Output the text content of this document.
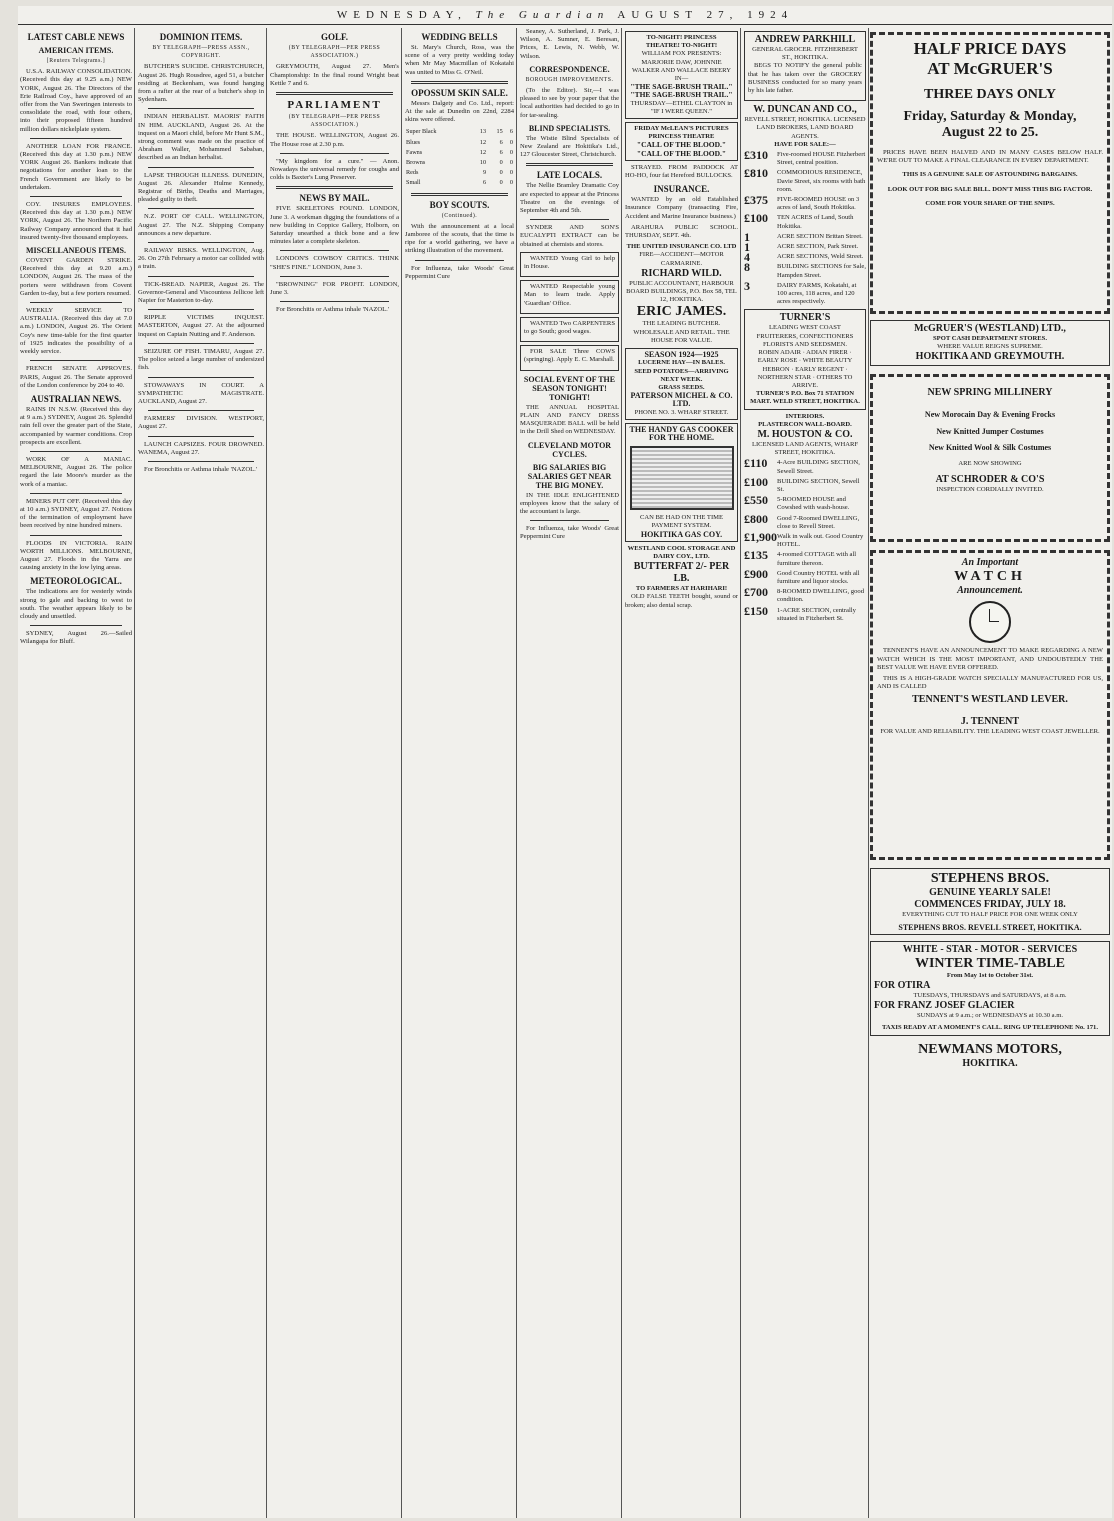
WEDNESDAY, The Guardian AUGUST 27, 1924
LATEST CABLE NEWS
AMERICAN ITEMS.
[Reuters Telegrams.]

U.S.A. RAILWAY CONSOLIDATION. (Received this day at 9.25 a.m.) NEW YORK, August 26. The Directors of the Erie Railroad Coy., have approved of an offer from the Van Sweringen interests to consolidate the road, with four others, into their proposed fifteen hundred million dollars nickelplate system.

ANOTHER LOAN FOR FRANCE. (Received this day at 1.30 p.m.) NEW YORK August 26. Bankers indicate that negotiations for another loan to the French Government are likely to be undertaken.

COY. INSURES EMPLOYEES. (Received this day at 1.30 p.m.) NEW YORK, August 26. The Northern Pacific Railway Company announced that it had insured twenty-five thousand employees.

MISCELLANEOUS ITEMS.

COVENT GARDEN STRIKE. (Received this day at 9.20 a.m.) LONDON, August 26. The mass of the porters were withdrawn from Covent Garden to-day, but a few porters resumed.

WEEKLY SERVICE TO AUSTRALIA. (Received this day at 7.0 a.m.) LONDON, August 26. The Orient Coy's new time-table for the first quarter of 1925 indicates the possibility of a weekly service.

FRENCH SENATE APPROVES. PARIS, August 26. The Senate approved of the London conference by 204 to 40.

AUSTRALIAN NEWS.

RAINS IN N.S.W. (Received this day at 9 a.m.) SYDNEY, August 26. Splendid rain fell over the greater part of the State, accompanied by warmer conditions. Crop prospects are excellent.

WORK OF A MANIAC. MELBOURNE, August 26. The police regard the late Moore's murder as the work of a maniac.

MINERS PUT OFF. (Received this day at 10 a.m.) SYDNEY, August 27. Notices of the termination of employment have been received by nine hundred miners.

FLOODS IN VICTORIA. RAIN WORTH MILLIONS. MELBOURNE, August 27. Floods in the Yarra are causing anxiety in the low lying areas.

METEOROLOGICAL.

The indications are for westerly winds strong to gale and backing to west to south. The weather appears likely to be cloudy and unsettled.

SYDNEY, August 26.—Sailed Wilangapa for Bluff.

DOMINION ITEMS.
BY TELEGRAPH—PRESS ASSN., COPYRIGHT.

BUTCHER'S SUICIDE. CHRISTCHURCH, August 26. Hugh Rousdree, aged 51, a butcher residing at Beckenham, was found hanging from a rafter at the rear of a butcher's shop in Sydenham.

INDIAN HERBALIST. MAORIS' FAITH IN HIM. AUCKLAND, August 26. At the inquest on a Maori child, before Mr Hunt S.M., strong comment was made on the practice of Abraham Waller, Mohammed Sababan, described as an Indian herbalist.

LAPSE THROUGH ILLNESS. DUNEDIN, August 26. Alexander Hulme Kennedy, Registrar of Births, Deaths and Marriages, pleaded guilty to theft.

N.Z. PORT OF CALL. WELLINGTON, August 27. The N.Z. Shipping Company announces a new departure.

RAILWAY RISKS. WELLINGTON, Aug. 26. On 27th February a motor car collided with a train.

TICK-BREAD. NAPIER, August 26. The Governor-General and Viscountess Jellicoe left Napier for Masterton to-day.

RIPPLE VICTIMS INQUEST. MASTERTON, August 27. At the adjourned inquest on Captain Nutting and F. Anderson.

SEIZURE OF FISH. TIMARU, August 27. The police seized a large number of undersized fish.

STOWAWAYS IN COURT. A SYMPATHETIC MAGISTRATE. AUCKLAND, August 27.

FARMERS' DIVISION. WESTPORT, August 27.

LAUNCH CAPSIZES. FOUR DROWNED. WANEMA, August 27.

For Bronchitis or Asthma inhale 'NAZOL.'

GOLF.
(BY TELEGRAPH—PER PRESS ASSOCIATION.)

GREYMOUTH, August 27. Men's Championship: In the final round Wright beat Kettle 7 and 6.

PARLIAMENT
(BY TELEGRAPH—PER PRESS ASSOCIATION.)

THE HOUSE. WELLINGTON, August 26. The House rose at 2.30 p.m.

"My kingdom for a cure." — Anon. Nowadays the universal remedy for coughs and colds is Baxter's Lung Preserver.

NEWS BY MAIL.

FIVE SKELETONS FOUND. LONDON, June 3. A workman digging the foundations of a new building in Coppice Gallery, Holborn, on Saturday unearthed a thick bone and a few minutes later a complete skeleton.

LONDON'S COWBOY CRITICS. THINK "SHE'S FINE." LONDON, June 3.

"BROWNING" FOR PROFIT. LONDON, June 3.

For Bronchitis or Asthma inhale 'NAZOL.'

WEDDING BELLS

St. Mary's Church, Ross, was the scene of a very pretty wedding today when Mr May Macmillan of Kokatahi was united to Miss G. O'Neil.

OPOSSUM SKIN SALE.

Messrs Dalgety and Co. Ltd., report: At the sale at Dunedin on 22nd, 2284 skins were offered.

Super Black	13	15	6
Blues	12	6	0
Fawns	12	6	0
Browns	10	0	0
Reds	9	0	0
Small	6	0	0
BOY SCOUTS.
(Continued).

With the announcement at a local Jamboree of the scouts, that the time is ripe for a world gathering, we have a striking illustration of the movement.

For Influenza, take Woods' Great Peppermint Cure

Seaney, A. Sutherland, J. Park, J. Wilson, A. Sumner, E. Beresan, Prices, E. Lewis, N. Webb, W. Wilson.

CORRESPONDENCE.
BOROUGH IMPROVEMENTS.

(To the Editor). Sir,—I was pleased to see by your paper that the local authorities had decided to go in for tar-sealing.

BLIND SPECIALISTS.

The Wistie Blind Specialists of New Zealand are Hokitika's Ltd., 127 Gloucester Street, Christchurch.

LATE LOCALS.

The Nellie Bramley Dramatic Coy are expected to appear at the Princess Theatre on the evenings of September 4th and 5th.

SYNDER AND SON'S EUCALYPTI EXTRACT can be obtained at chemists and stores.

WANTED Young Girl to help in House.

WANTED Respectable young Man to learn trade. Apply 'Guardian' Office.

WANTED Two CARPENTERS to go South; good wages.

FOR SALE Three COWS (springing). Apply E. C. Marshall.

SOCIAL EVENT OF THE SEASON TONIGHT! TONIGHT!

THE ANNUAL HOSPITAL PLAIN AND FANCY DRESS MASQUERADE BALL will be held in the Drill Shed on WEDNESDAY.

CLEVELAND MOTOR CYCLES.
BIG SALARIES BIG SALARIES GET NEAR THE BIG MONEY.

IN THE IDLE ENLIGHTENED employees know that the salary of the accountant is large.

For Influenza, take Woods' Great Peppermint Cure

TO-NIGHT! PRINCESS THEATRE! TO-NIGHT!
WILLIAM FOX PRESENTS: MARJORIE DAW, JOHNNIE WALKER AND WALLACE BEERY IN—
"THE SAGE-BRUSH TRAIL." "THE SAGE-BRUSH TRAIL."
THURSDAY—ETHEL CLAYTON in "IF I WERE QUEEN."
FRIDAY McLEAN'S PICTURES PRINCESS THEATRE
"CALL OF THE BLOOD." "CALL OF THE BLOOD."

STRAYED. FROM PADDOCK AT HO-HO, four fat Hereford BULLOCKS.

INSURANCE.

WANTED by an old Established Insurance Company (transacting Fire, Accident and Marine Insurance business.)

ARAHURA PUBLIC SCHOOL. THURSDAY, SEPT. 4th.

THE UNITED INSURANCE CO. LTD
FIRE—ACCIDENT—MOTOR CARMARINE.
RICHARD WILD.
PUBLIC ACCOUNTANT, HARBOUR BOARD BUILDINGS, P.O. Box 58, TEL 12, HOKITIKA.
ERIC JAMES.
THE LEADING BUTCHER. WHOLESALE AND RETAIL. THE HOUSE FOR VALUE.
SEASON 1924—1925
LUCERNE HAY—IN BALES.
SEED POTATOES—ARRIVING NEXT WEEK.
GRASS SEEDS.
PATERSON MICHEL & CO. LTD.
PHONE NO. 3. WHARF STREET.
THE HANDY GAS COOKER FOR THE HOME.
CAN BE HAD ON THE TIME PAYMENT SYSTEM.
HOKITIKA GAS COY.
WESTLAND COOL STORAGE AND DAIRY COY., LTD.
BUTTERFAT 2/- PER LB.
TO FARMERS AT HARIHARI!

OLD FALSE TEETH bought, sound or broken; also dental scrap.

ANDREW PARKHILL
GENERAL GROCER. FITZHERBERT ST., HOKITIKA.

BEGS TO NOTIFY the general public that he has taken over the GROCERY BUSINESS conducted for so many years by his late father.

W. DUNCAN AND CO.,
REVELL STREET, HOKITIKA. LICENSED LAND BROKERS, LAND BOARD AGENTS.
HAVE FOR SALE:—
£310	Five-roomed HOUSE Fitzherbert Street, central position.
£810	COMMODIOUS RESIDENCE, Davie Street, six rooms with bath room.
£375	FIVE-ROOMED HOUSE on 3 acres of land, South Hokitika.
£100	TEN ACRES of Land, South Hokitika.
1	ACRE SECTION Brittan Street.
1	ACRE SECTION, Park Street.
4	ACRE SECTIONS, Weld Street.
8	BUILDING SECTIONS for Sale, Hampden Street.
3	DAIRY FARMS, Kokatahi, at 100 acres, 118 acres, and 120 acres respectively.
TURNER'S
LEADING WEST COAST FRUITERERS, CONFECTIONERS FLORISTS AND SEEDSMEN.
ROBIN ADAIR · ADIAN FIRER · EARLY ROSE · WHITE BEAUTY HEBRON · EARLY REGENT · NORTHERN STAR · OTHERS TO ARRIVE.
TURNER'S P.O. Box 71 STATION MART. WELD STREET, HOKITIKA.
INTERIORS.
PLASTERCON WALL-BOARD.
M. HOUSTON & CO.
LICENSED LAND AGENTS, WHARF STREET, HOKITIKA.
£110	4-Acre BUILDING SECTION, Sewell Street.
£100	BUILDING SECTION, Sewell St.
£550	5-ROOMED HOUSE and Cowshed with wash-house.
£800	Good 7-Roomed DWELLING, close to Revell Street.
£1,900 Walk in walk out. Good Country HOTEL.
£135	4-roomed COTTAGE with all furniture thereon.
£900	Good Country HOTEL with all furniture and liquor stocks.
£700	8-ROOMED DWELLING, good condition.
£150	1-ACRE SECTION, centrally situated in Fitzherbert St.
HALF PRICE DAYS
AT McGRUER'S
THREE DAYS ONLY
Friday, Saturday & Monday,
August 22 to 25.

PRICES HAVE BEEN HALVED AND IN MANY CASES BELOW HALF. WE'RE OUT TO MAKE A FINAL CLEARANCE IN EVERY DEPARTMENT.

THIS IS A GENUINE SALE OF ASTOUNDING BARGAINS.
LOOK OUT FOR BIG SALE BILL. DON'T MISS THIS BIG FACTOR.
COME FOR YOUR SHARE OF THE SNIPS.
McGRUER'S (WESTLAND) LTD.,
SPOT CASH DEPARTMENT STORES.
WHERE VALUE REIGNS SUPREME.
HOKITIKA AND GREYMOUTH.
NEW SPRING MILLINERY
New Morocain Day & Evening Frocks
New Knitted Jumper Costumes
New Knitted Wool & Silk Costumes
ARE NOW SHOWING
AT SCHRODER & CO'S
INSPECTION CORDIALLY INVITED.
An Important
WATCH
Announcement.

TENNENT'S HAVE AN ANNOUNCEMENT TO MAKE REGARDING A NEW WATCH WHICH IS THE MOST IMPORTANT, AND UNDOUBTEDLY THE BEST VALUE WE HAVE EVER OFFERED.

THIS IS A HIGH-GRADE WATCH SPECIALLY MANUFACTURED FOR US, AND IS CALLED

TENNENT'S WESTLAND LEVER.
J. TENNENT
FOR VALUE AND RELIABILITY. THE LEADING WEST COAST JEWELLER.
STEPHENS BROS.
GENUINE YEARLY SALE!
COMMENCES FRIDAY, JULY 18.
EVERYTHING CUT TO HALF PRICE FOR ONE WEEK ONLY
STEPHENS BROS. REVELL STREET, HOKITIKA.
WHITE - STAR - MOTOR - SERVICES
WINTER TIME-TABLE
From May 1st to October 31st.
FOR OTIRA
TUESDAYS, THURSDAYS and SATURDAYS, at 8 a.m.
FOR FRANZ JOSEF GLACIER
SUNDAYS at 9 a.m.; or WEDNESDAYS at 10.30 a.m.
TAXIS READY AT A MOMENT'S CALL. RING UP TELEPHONE No. 171.
NEWMANS MOTORS,
HOKITIKA.
